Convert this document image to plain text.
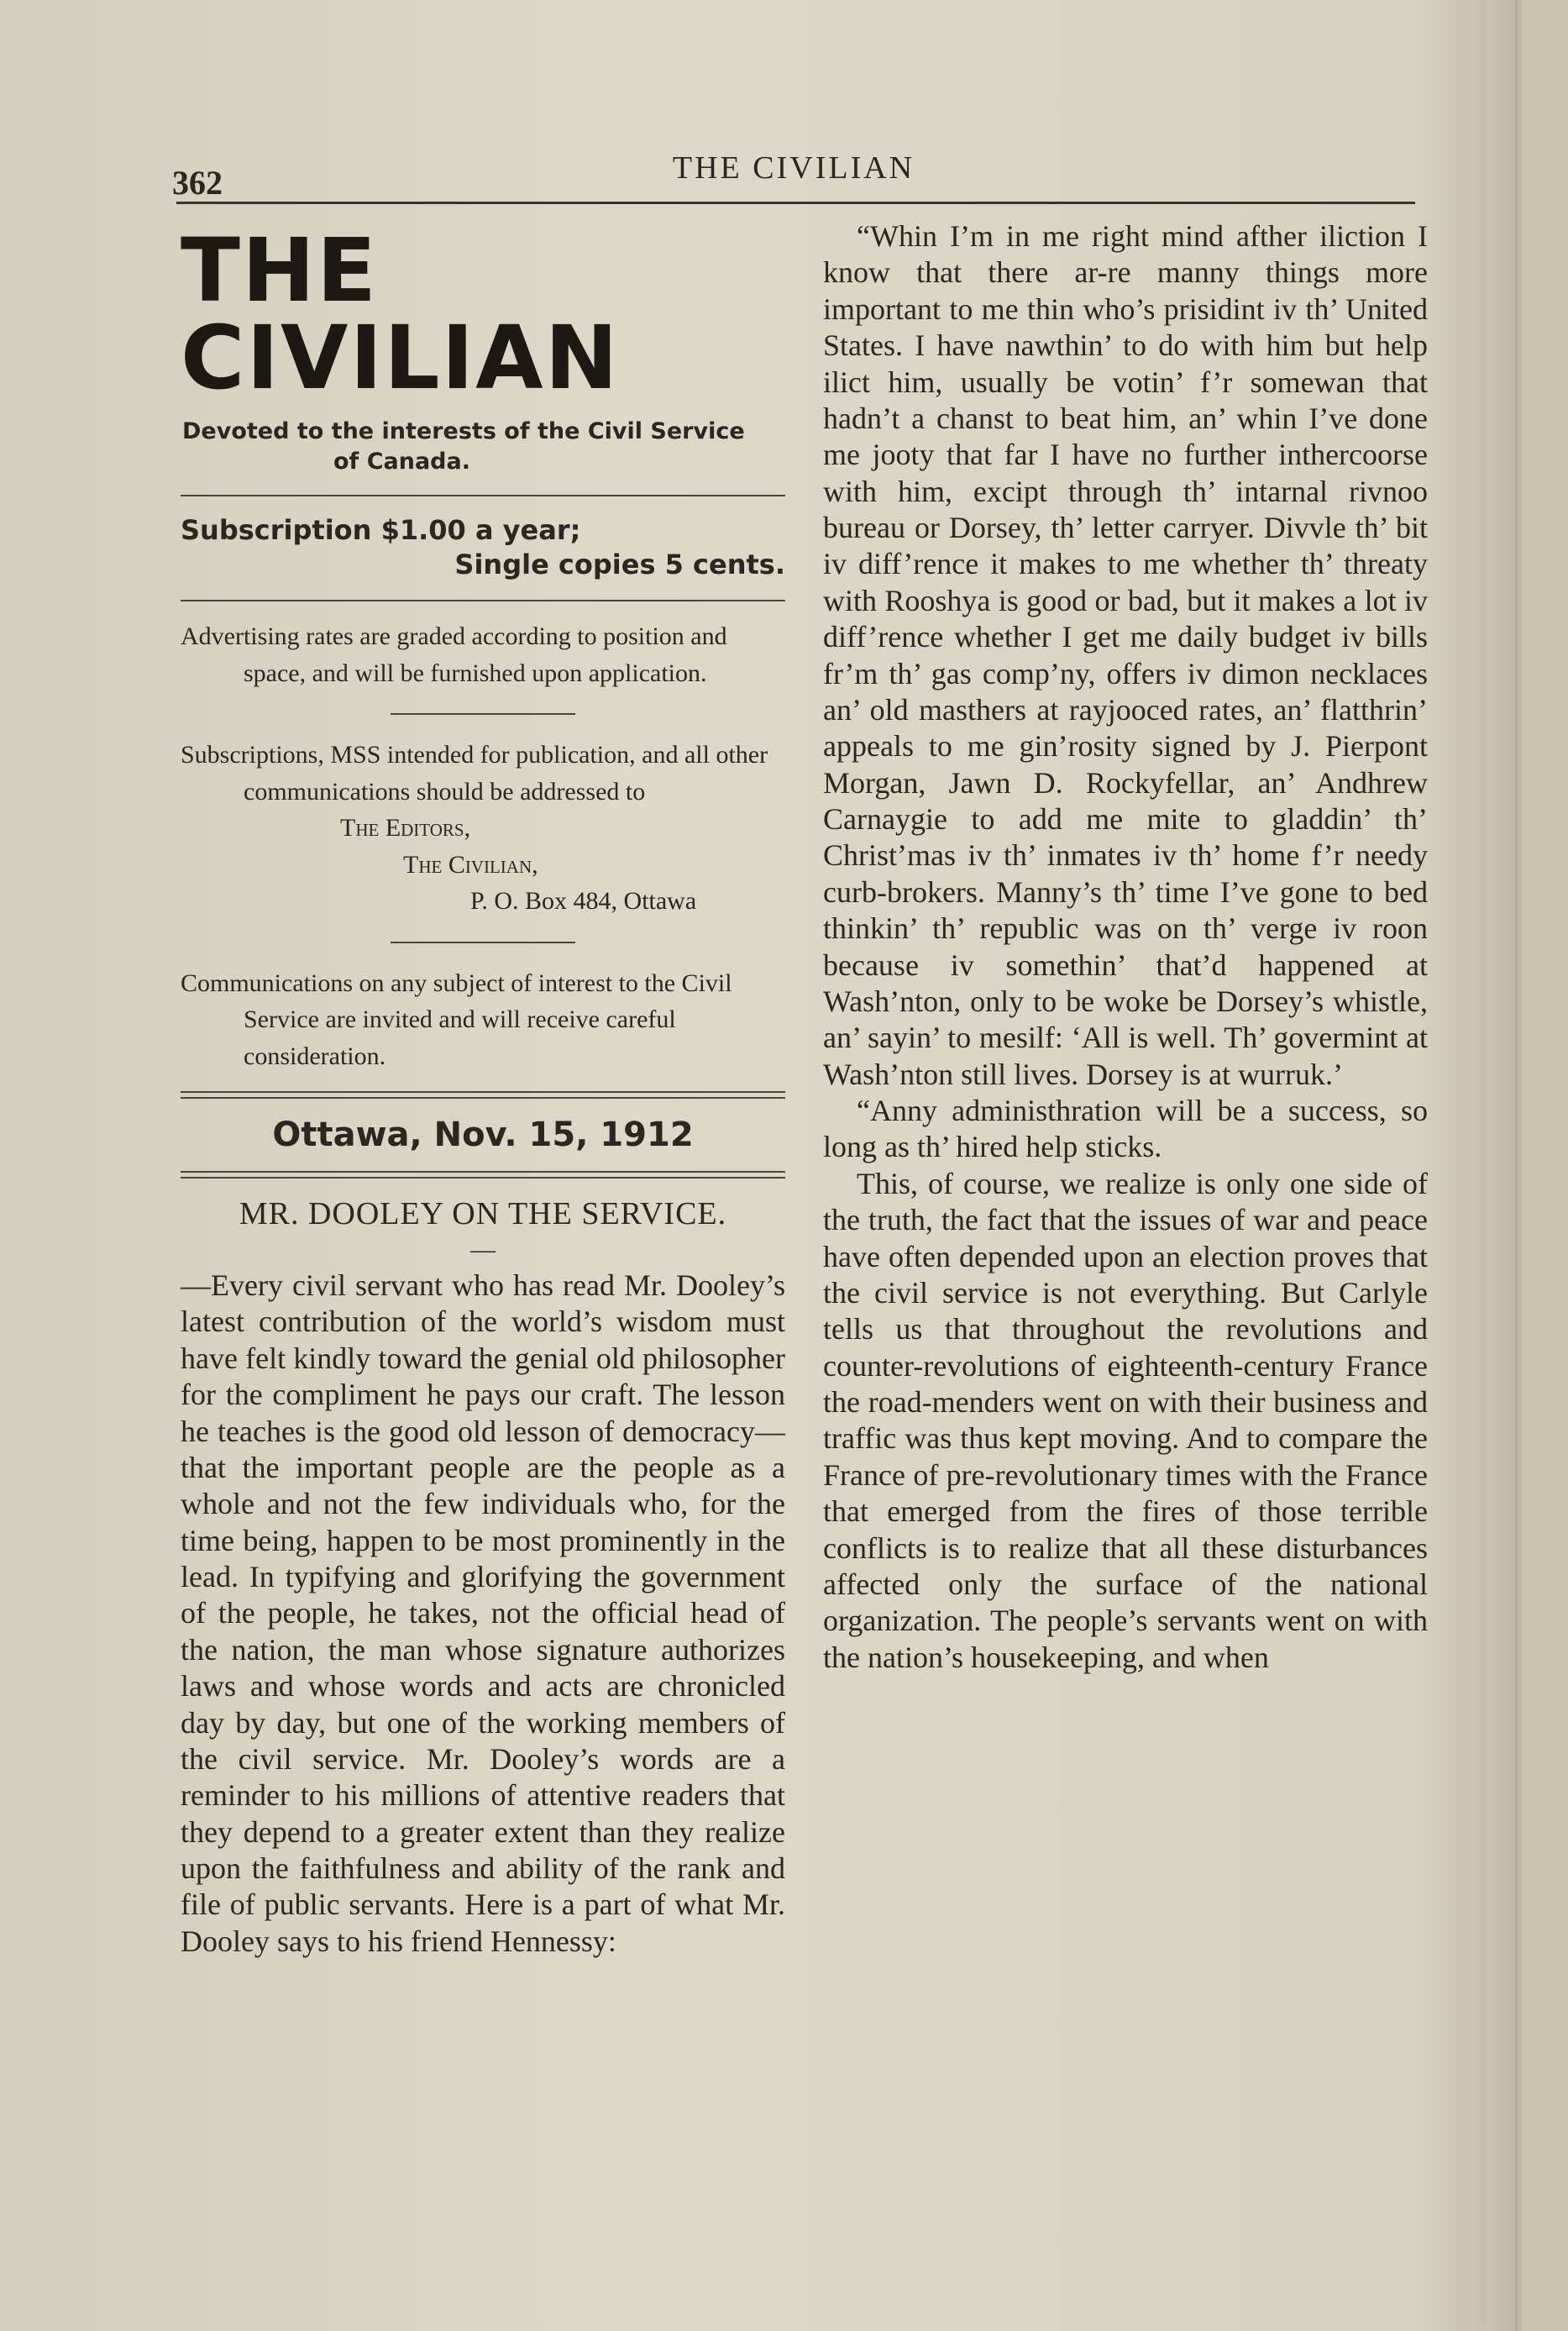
THE CIVILIAN
362
THE CIVILIAN
Devoted to the interests of the Civil Service
of Canada.
Subscription $1.00 a year;
Single copies 5 cents.

Advertising rates are graded according to position and space, and will be furnished upon application.

Subscriptions, MSS intended for publication, and all other communications should be addressed to

The Editors,
The Civilian,
P. O. Box 484, Ottawa

Communications on any subject of interest to the Civil Service are invited and will receive careful consideration.

Ottawa, Nov. 15, 1912
MR. DOOLEY ON THE SERVICE.
—

—Every civil servant who has read Mr. Dooley’s latest contribution of the world’s wisdom must have felt kindly toward the genial old philosopher for the compliment he pays our craft. The lesson he teaches is the good old lesson of democracy—that the important people are the people as a whole and not the few individuals who, for the time being, happen to be most prominently in the lead. In typifying and glorifying the government of the people, he takes, not the official head of the nation, the man whose signature authorizes laws and whose words and acts are chronicled day by day, but one of the working members of the civil service. Mr. Dooley’s words are a reminder to his millions of attentive readers that they depend to a greater extent than they realize upon the faithfulness and ability of the rank and file of public servants. Here is a part of what Mr. Dooley says to his friend Hennessy:

“Whin I’m in me right mind afther iliction I know that there ar-re manny things more important to me thin who’s prisidint iv th’ United States. I have nawthin’ to do with him but help ilict him, usually be votin’ f’r somewan that hadn’t a chanst to beat him, an’ whin I’ve done me jooty that far I have no further inthercoorse with him, excipt through th’ intarnal rivnoo bureau or Dorsey, th’ letter carryer. Divvle th’ bit iv diff’rence it makes to me whether th’ threaty with Rooshya is good or bad, but it makes a lot iv diff’rence whether I get me daily budget iv bills fr’m th’ gas comp’ny, offers iv dimon necklaces an’ old masthers at rayjooced rates, an’ flatthrin’ appeals to me gin’rosity signed by J. Pierpont Morgan, Jawn D. Rockyfellar, an’ Andhrew Carnaygie to add me mite to gladdin’ th’ Christ’mas iv th’ inmates iv th’ home f’r needy curb-brokers. Manny’s th’ time I’ve gone to bed thinkin’ th’ republic was on th’ verge iv roon because iv somethin’ that’d happened at Wash’nton, only to be woke be Dorsey’s whistle, an’ sayin’ to mesilf: ‘All is well. Th’ govermint at Wash’nton still lives. Dorsey is at wurruk.’

“Anny administhration will be a success, so long as th’ hired help sticks.

This, of course, we realize is only one side of the truth, the fact that the issues of war and peace have often depended upon an election proves that the civil service is not everything. But Carlyle tells us that throughout the revolutions and counter-revolutions of eighteenth-century France the road-menders went on with their business and traffic was thus kept moving. And to compare the France of pre-revolutionary times with the France that emerged from the fires of those terrible conflicts is to realize that all these disturbances affected only the surface of the national organization. The people’s servants went on with the nation’s housekeeping, and when
